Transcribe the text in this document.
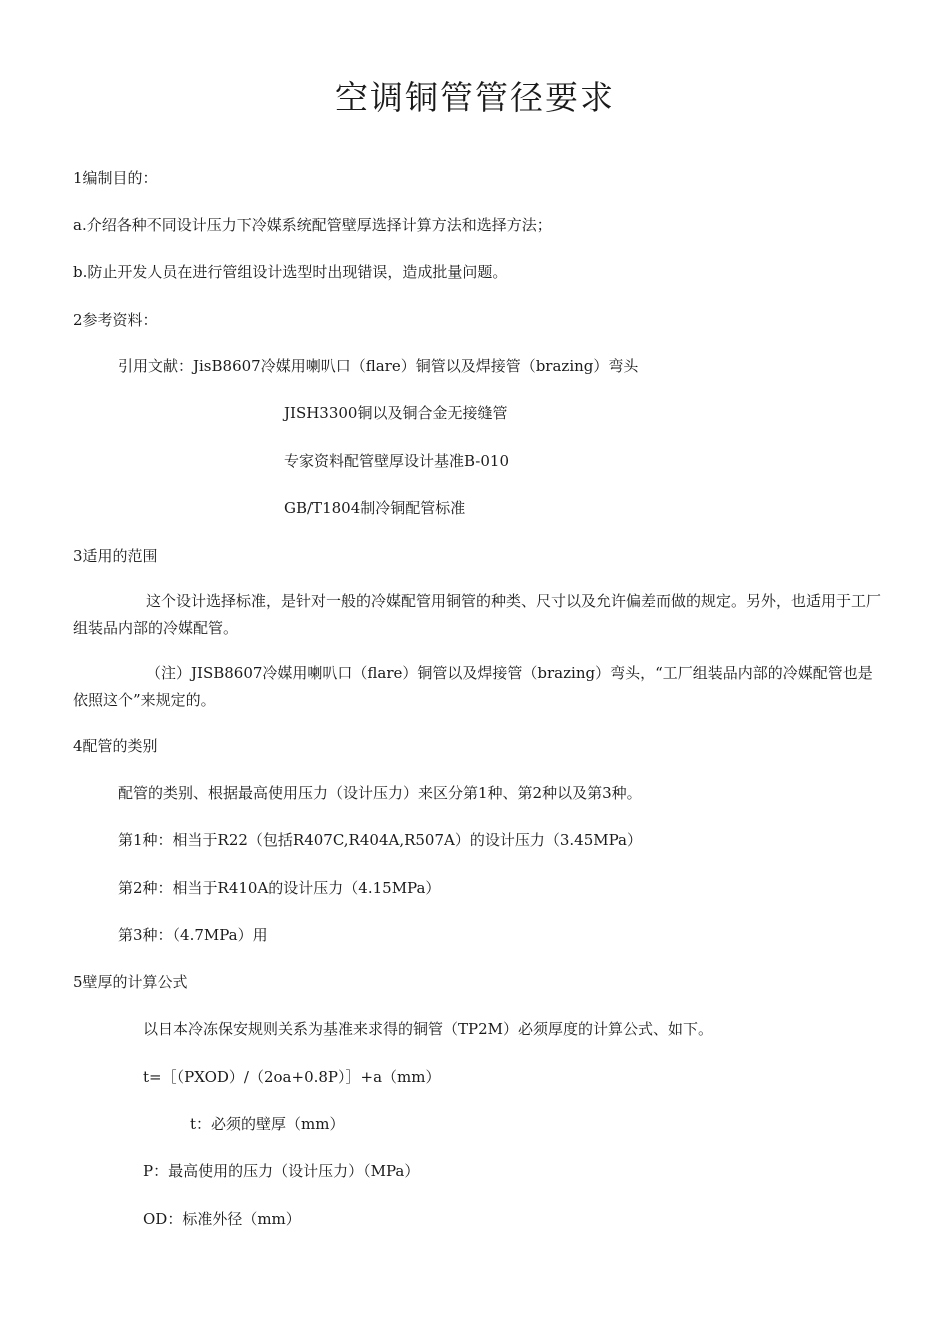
空调铜管管径要求

1编制目的：

a.介绍各种不同设计压力下冷媒系统配管壁厚选择计算方法和选择方法；

b.防止开发人员在进行管组设计选型时出现错误，造成批量问题。

2参考资料：

引用文献：JisB8607冷媒用喇叭口（flare）铜管以及焊接管（brazing）弯头

JISH3300铜以及铜合金无接缝管

专家资料配管壁厚设计基准B-010

GB/T1804制冷铜配管标准

3适用的范围

这个设计选择标准，是针对一般的冷媒配管用铜管的种类、尺寸以及允许偏差而做的规定。另外，也适用于工厂组装品内部的冷媒配管。

（注）JISB8607冷媒用喇叭口（flare）铜管以及焊接管（brazing）弯头，“工厂组装品内部的冷媒配管也是依照这个”来规定的。

4配管的类别

配管的类别、根据最高使用压力（设计压力）来区分第1种、第2种以及第3种。

第1种：相当于R22（包括R407C,R404A,R507A）的设计压力（3.45MPa）

第2种：相当于R410A的设计压力（4.15MPa）

第3种：（4.7MPa）用

5壁厚的计算公式

以日本冷冻保安规则关系为基准来求得的铜管（TP2M）必须厚度的计算公式、如下。

t=［（PXOD）/（2oa+0.8P）］+a（mm）

t：必须的壁厚（mm）

P：最高使用的压力（设计压力）（MPa）

OD：标准外径（mm）
